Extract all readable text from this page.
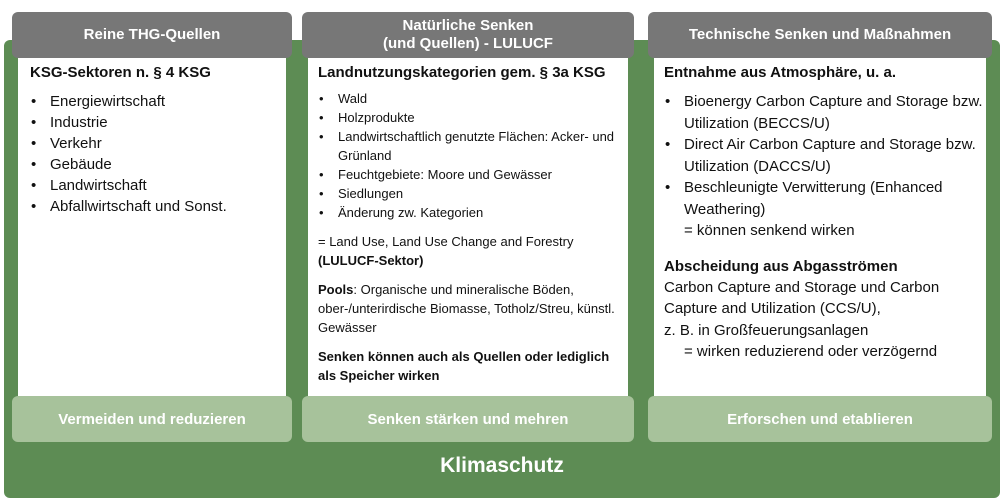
Klimaschutz
Reine THG-Quellen
KSG-Sektoren n. § 4 KSG
• Energiewirtschaft
• Industrie
• Verkehr
• Gebäude
• Landwirtschaft
• Abfallwirtschaft und Sonst.
Vermeiden und reduzieren
Natürliche Senken
(und Quellen) - LULUCF
Landnutzungskategorien gem. § 3a KSG
• Wald
• Holzprodukte
• Landwirtschaftlich genutzte Flächen: Acker- und Grünland
• Feuchtgebiete: Moore und Gewässer
• Siedlungen
• Änderung zw. Kategorien
= Land Use, Land Use Change and Forestry
(LULUCF-Sektor)
Pools: Organische und mineralische Böden, ober-/unterirdische Biomasse, Totholz/Streu, künstl. Gewässer
Senken können auch als Quellen oder lediglich als Speicher wirken
Senken stärken und mehren
Technische Senken und Maßnahmen
Entnahme aus Atmosphäre, u. a.
• Bioenergy Carbon Capture and Storage bzw. Utilization (BECCS/U)
• Direct Air Carbon Capture and Storage bzw. Utilization (DACCS/U)
• Beschleunigte Verwitterung (Enhanced Weathering)
= können senkend wirken
Abscheidung aus Abgasströmen
Carbon Capture and Storage und Carbon Capture and Utilization (CCS/U),
z. B. in Großfeuerungsanlagen
= wirken reduzierend oder verzögernd
Erforschen und etablieren
